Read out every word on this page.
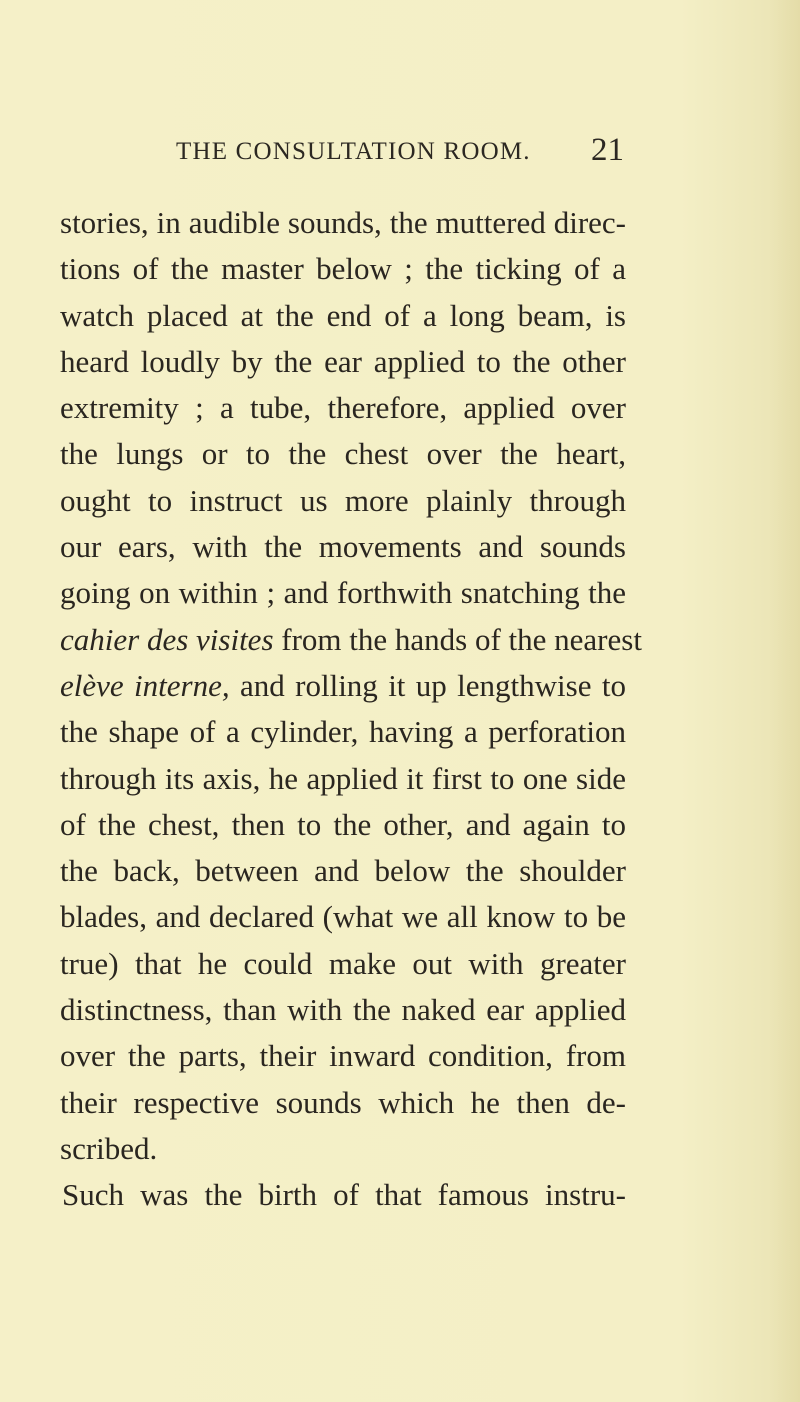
THE CONSULTATION ROOM. 21
stories, in audible sounds, the muttered direc-
tions of the master below ; the ticking of a
watch placed at the end of a long beam, is
heard loudly by the ear applied to the other
extremity ; a tube, therefore, applied over
the lungs or to the chest over the heart,
ought to instruct us more plainly through
our ears, with the movements and sounds
going on within ; and forthwith snatching the
cahier des visites from the hands of the nearest
elève interne, and rolling it up lengthwise to
the shape of a cylinder, having a perforation
through its axis, he applied it first to one side
of the chest, then to the other, and again to
the back, between and below the shoulder
blades, and declared (what we all know to be
true) that he could make out with greater
distinctness, than with the naked ear applied
over the parts, their inward condition, from
their respective sounds which he then de-
scribed.
Such was the birth of that famous instru-
